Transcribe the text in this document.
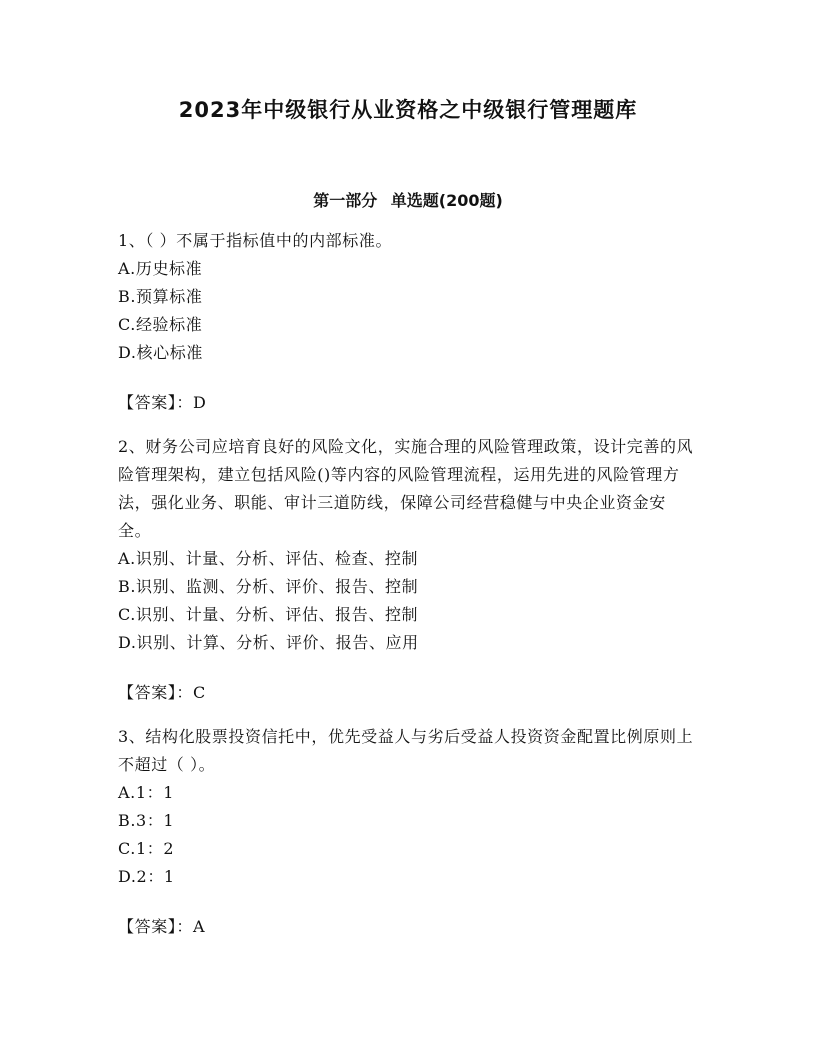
2023年中级银行从业资格之中级银行管理题库
第一部分 单选题(200题)

1、（ ）不属于指标值中的内部标准。

A.历史标准

B.预算标准

C.经验标准

D.核心标准

【答案】：D

2、财务公司应培育良好的风险文化，实施合理的风险管理政策，设计完善的风险管理架构，建立包括风险()等内容的风险管理流程，运用先进的风险管理方法，强化业务、职能、审计三道防线，保障公司经营稳健与中央企业资金安全。

A.识别、计量、分析、评估、检查、控制

B.识别、监测、分析、评价、报告、控制

C.识别、计量、分析、评估、报告、控制

D.识别、计算、分析、评价、报告、应用

【答案】：C

3、结构化股票投资信托中，优先受益人与劣后受益人投资资金配置比例原则上不超过（ ）。

A.1：1

B.3：1

C.1：2

D.2：1

【答案】：A
